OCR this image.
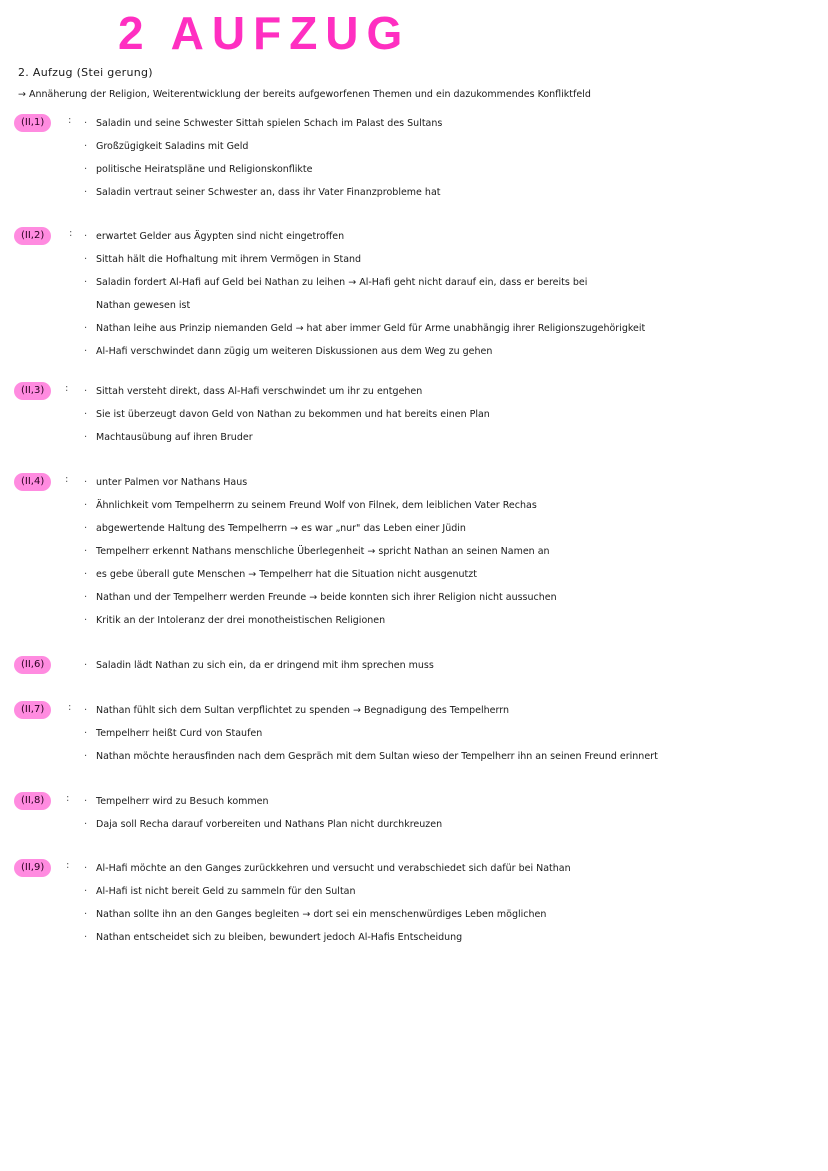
2 AUFZUG
2. Aufzug (Stei gerung)
→ Annäherung der Religion, Weiterentwicklung der bereits aufgeworfenen Themen und ein dazukommendes Konfliktfeld
(II,1)	: · Saladin und seine Schwester Sittah spielen Schach im Palast des Sultans
· Großzügigkeit Saladins mit Geld
· politische Heiratspläne und Religionskonflikte
· Saladin vertraut seiner Schwester an, dass ihr Vater Finanzprobleme hat
(II,2)	: · erwartet Gelder aus Ägypten sind nicht eingetroffen
· Sittah hält die Hofhaltung mit ihrem Vermögen in Stand
· Saladin fordert Al-Hafi auf Geld bei Nathan zu leihen → Al-Hafi geht nicht darauf ein, dass er bereits bei
Nathan gewesen ist
· Nathan leihe aus Prinzip niemanden Geld → hat aber immer Geld für Arme unabhängig ihrer Religionszugehörigkeit
· Al-Hafi verschwindet dann zügig um weiteren Diskussionen aus dem Weg zu gehen
(II,3)	: · Sittah versteht direkt, dass Al-Hafi verschwindet um ihr zu entgehen
· Sie ist überzeugt davon Geld von Nathan zu bekommen und hat bereits einen Plan
· Machtausübung auf ihren Bruder
(II,4)	: · unter Palmen vor Nathans Haus
· Ähnlichkeit vom Tempelherrn zu seinem Freund Wolf von Filnek, dem leiblichen Vater Rechas
· abgewertende Haltung des Tempelherrn → es war „nur" das Leben einer Jüdin
· Tempelherr erkennt Nathans menschliche Überlegenheit → spricht Nathan an seinen Namen an
· es gebe überall gute Menschen → Tempelherr hat die Situation nicht ausgenutzt
· Nathan und der Tempelherr werden Freunde → beide konnten sich ihrer Religion nicht aussuchen
· Kritik an der Intoleranz der drei monotheistischen Religionen
(II,6)	· Saladin lädt Nathan zu sich ein, da er dringend mit ihm sprechen muss
(II,7)	: · Nathan fühlt sich dem Sultan verpflichtet zu spenden → Begnadigung des Tempelherrn
· Tempelherr heißt Curd von Staufen
· Nathan möchte herausfinden nach dem Gespräch mit dem Sultan wieso der Tempelherr ihn an seinen Freund erinnert
(II,8)	: · Tempelherr wird zu Besuch kommen
· Daja soll Recha darauf vorbereiten und Nathans Plan nicht durchkreuzen
(II,9)	: · Al-Hafi möchte an den Ganges zurückkehren und versucht und verabschiedet sich dafür bei Nathan
· Al-Hafi ist nicht bereit Geld zu sammeln für den Sultan
· Nathan sollte ihn an den Ganges begleiten → dort sei ein menschenwürdiges Leben möglichen
· Nathan entscheidet sich zu bleiben, bewundert jedoch Al-Hafis Entscheidung
